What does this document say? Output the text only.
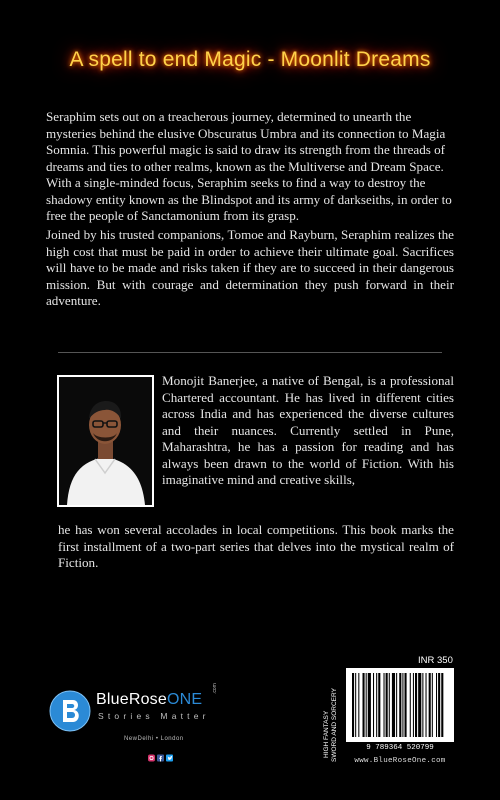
A spell to end Magic - Moonlit Dreams
Seraphim sets out on a treacherous journey, determined to unearth the mysteries behind the elusive Obscuratus Umbra and its connection to Magia Somnia. This powerful magic is said to draw its strength from the threads of dreams and ties to other realms, known as the Multiverse and Dream Space. With a single-minded focus, Seraphim seeks to find a way to destroy the shadowy entity known as the Blindspot and its army of darkseiths, in order to free the people of Sanctamonium from its grasp.
Joined by his trusted companions, Tomoe and Rayburn, Seraphim realizes the high cost that must be paid in order to achieve their ultimate goal. Sacrifices will have to be made and risks taken if they are to succeed in their dangerous mission. But with courage and determination they push forward in their adventure.
Monojit Banerjee, a native of Bengal, is a professional Chartered accountant. He has lived in different cities across India and has experienced the diverse cultures and their nuances. Currently settled in Pune, Maharashtra, he has a passion for reading and has always been drawn to the world of Fiction. With his imaginative mind and creative skills,
he has won several accolades in local competitions. This book marks the first installment of a two-part series that delves into the mystical realm of Fiction.
BlueRoseONE
.com
Stories Matter
NewDelhi • London
INR 350
HIGH FANTASY SWORD AND SORCERY	9 789364 520799
www.BlueRoseOne.com
